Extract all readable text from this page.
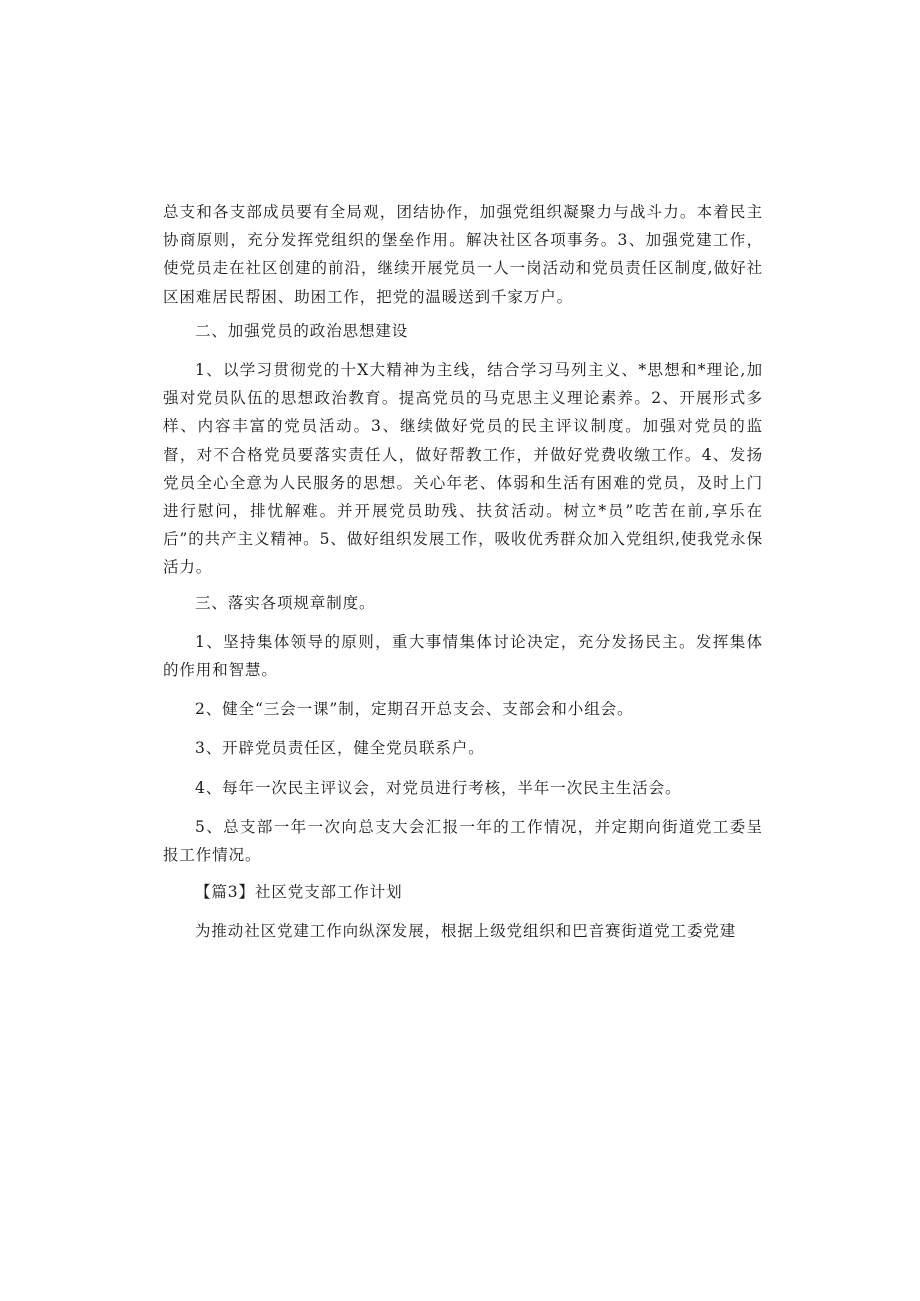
总支和各支部成员要有全局观，团结协作，加强党组织凝聚力与战斗力。本着民主协商原则，充分发挥党组织的堡垒作用。解决社区各项事务。3、加强党建工作，使党员走在社区创建的前沿，继续开展党员一人一岗活动和党员责任区制度,做好社区困难居民帮困、助困工作，把党的温暖送到千家万户。

二、加强党员的政治思想建设

1、以学习贯彻党的十X大精神为主线，结合学习马列主义、*思想和*理论,加强对党员队伍的思想政治教育。提高党员的马克思主义理论素养。2、开展形式多样、内容丰富的党员活动。3、继续做好党员的民主评议制度。加强对党员的监督，对不合格党员要落实责任人，做好帮教工作，并做好党费收缴工作。4、发扬党员全心全意为人民服务的思想。关心年老、体弱和生活有困难的党员，及时上门进行慰问，排忧解难。并开展党员助残、扶贫活动。树立*员”吃苦在前,享乐在后”的共产主义精神。5、做好组织发展工作，吸收优秀群众加入党组织,使我党永保活力。

三、落实各项规章制度。

1、坚持集体领导的原则，重大事情集体讨论决定，充分发扬民主。发挥集体的作用和智慧。

2、健全“三会一课”制，定期召开总支会、支部会和小组会。

3、开辟党员责任区，健全党员联系户。

4、每年一次民主评议会，对党员进行考核，半年一次民主生活会。

5、总支部一年一次向总支大会汇报一年的工作情况，并定期向街道党工委呈报工作情况。

【篇3】社区党支部工作计划

为推动社区党建工作向纵深发展，根据上级党组织和巴音赛街道党工委党建
